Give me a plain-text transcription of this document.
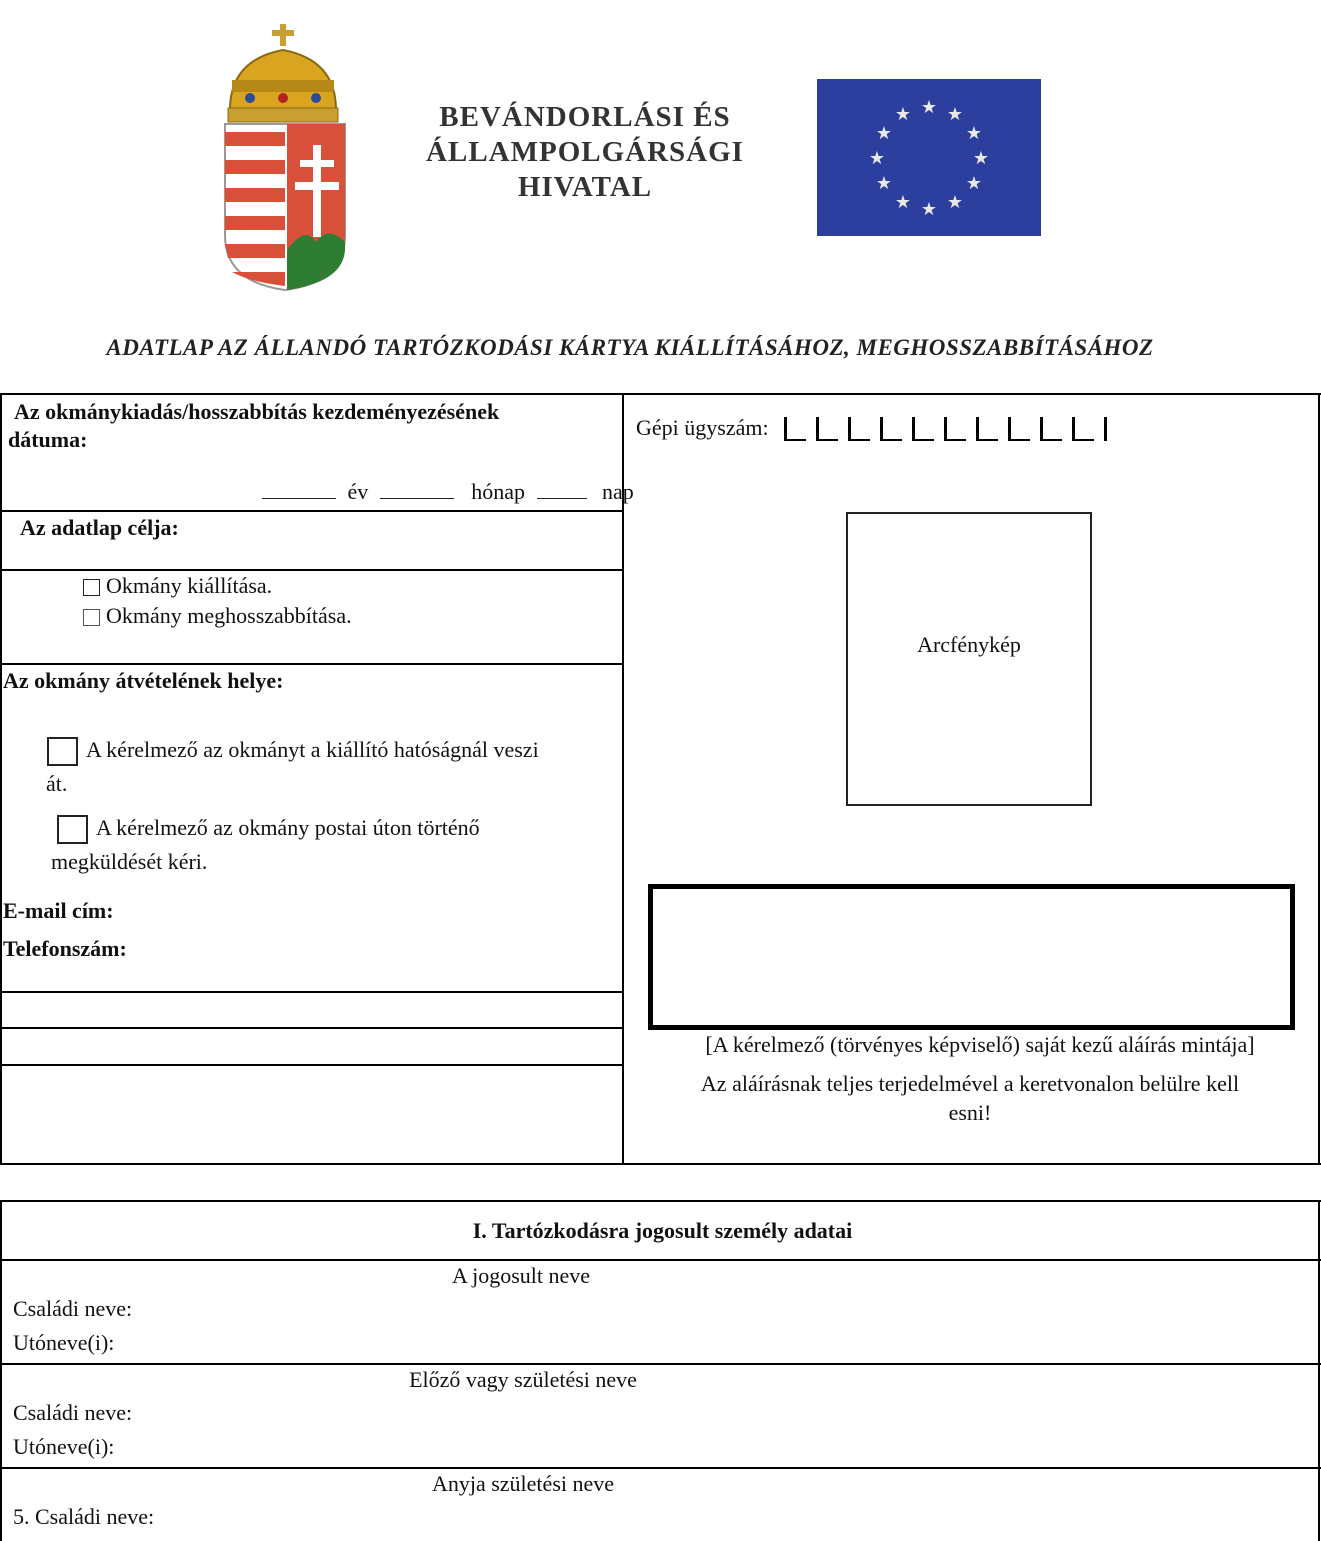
BEVÁNDORLÁSI ÉS
ÁLLAMPOLGÁRSÁGI
HIVATAL
★ ★
★
★
★
★
★
★
★
★
★
★
ADATLAP AZ ÁLLANDÓ TARTÓZKODÁSI KÁRTYA KIÁLLÍTÁSÁHOZ, MEGHOSSZABBÍTÁSÁHOZ
Az okmánykiadás/hosszabbítás kezdeményezésének
dátuma:
év	hónap	nap
Az adatlap célja:
Okmány kiállítása.
Okmány meghosszabbítása.
Az okmány átvételének helye:
A kérelmező az okmányt a kiállító hatóságnál veszi
át.
A kérelmező az okmány postai úton történő
megküldését kéri.
E-mail cím:
Telefonszám:
Gépi ügyszám:
Arcfénykép
[A kérelmező (törvényes képviselő) saját kezű aláírás mintája]
Az aláírásnak teljes terjedelmével a keretvonalon belülre kell
esni!
I. Tartózkodásra jogosult személy adatai
A jogosult neve
Családi neve:
Utóneve(i):
Előző vagy születési neve
Családi neve:
Utóneve(i):
Anyja születési neve
5. Családi neve:
